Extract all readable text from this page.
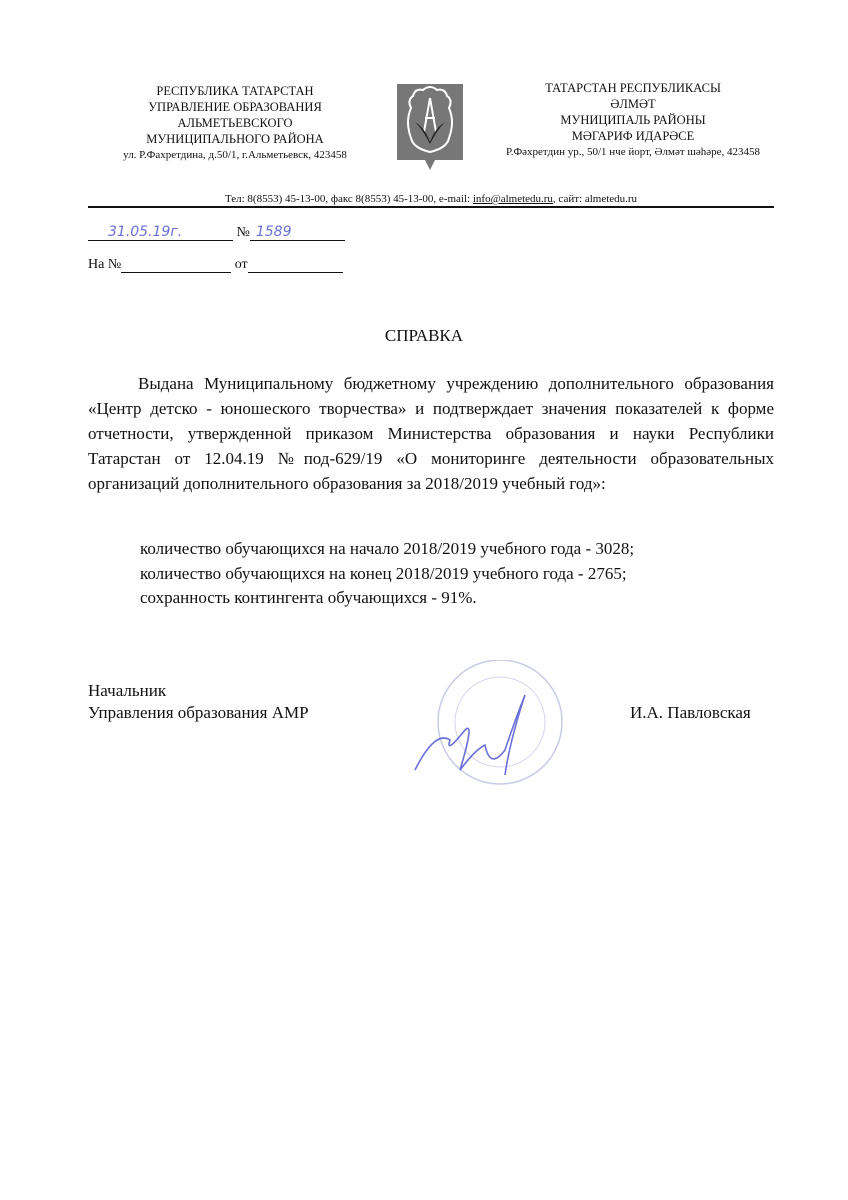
РЕСПУБЛИКА ТАТАРСТАН
УПРАВЛЕНИЕ ОБРАЗОВАНИЯ
АЛЬМЕТЬЕВСКОГО
МУНИЦИПАЛЬНОГО РАЙОНА
ул. Р.Фахретдина, д.50/1, г.Альметьевск, 423458
ТАТАРСТАН РЕСПУБЛИКАСЫ
ӘЛМӘТ
МУНИЦИПАЛЬ РАЙОНЫ
МӘГАРИФ ИДАРӘСЕ
Р.Фәхретдин ур., 50/1 нче йорт, Әлмәт шәһәре, 423458
Тел: 8(8553) 45-13-00, факс 8(8553) 45-13-00, e-mail: info@almetedu.ru, сайт: almetedu.ru
31.05.19г.	№ 1589
На №	от
СПРАВКА
Выдана Муниципальному бюджетному учреждению дополнительного образования «Центр детско - юношеского творчества» и подтверждает значения показателей к форме отчетности, утвержденной приказом Министерства образования и науки Республики Татарстан от 12.04.19 №под-629/19 «О мониторинге деятельности образовательных организаций дополнительного образования за 2018/2019 учебный год»:
количество обучающихся на начало 2018/2019 учебного года - 3028;
количество обучающихся на конец 2018/2019 учебного года - 2765;
сохранность контингента обучающихся - 91%.
Начальник
Управления образования АМР	И.А. Павловская
